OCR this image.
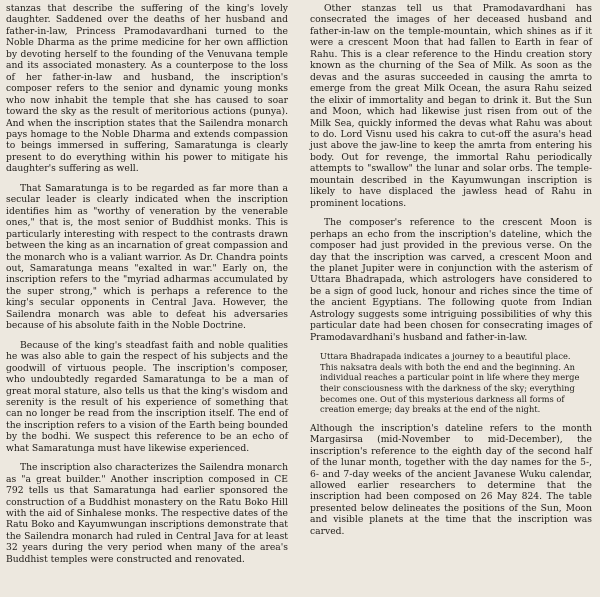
stanzas that describe the suffering of the king's lovely daughter. Saddened over the deaths of her husband and father-in-law, Princess Pramodavardhani turned to the Noble Dharma as the prime medicine for her own affliction by devoting herself to the founding of the Venuvana temple and its associated monastery. As a counterpose to the loss of her father-in-law and husband, the inscription's composer refers to the senior and dynamic young monks who now inhabit the temple that she has caused to soar toward the sky as the result of meritorious actions (punya). And when the inscription states that the Sailendra monarch pays homage to the Noble Dharma and extends compassion to beings immersed in suffering, Samaratunga is clearly present to do everything within his power to mitigate his daughter's suffering as well.

That Samaratunga is to be regarded as far more than a secular leader is clearly indicated when the inscription identifies him as "worthy of veneration by the venerable ones," that is, the most senior of Buddhist monks. This is particularly interesting with respect to the contrasts drawn between the king as an incarnation of great compassion and the monarch who is a valiant warrior. As Dr. Chandra points out, Samaratunga means "exalted in war." Early on, the inscription refers to the "myriad adharmas accumulated by the super strong," which is perhaps a reference to the king's secular opponents in Central Java. However, the Sailendra monarch was able to defeat his adversaries because of his absolute faith in the Noble Doctrine.

Because of the king's steadfast faith and noble qualities he was also able to gain the respect of his subjects and the goodwill of virtuous people. The inscription's composer, who undoubtedly regarded Samaratunga to be a man of great moral stature, also tells us that the king's wisdom and serenity is the result of his experience of something that can no longer be read from the inscription itself. The end of the inscription refers to a vision of the Earth being bounded by the bodhi. We suspect this reference to be an echo of what Samaratunga must have likewise experienced.

The inscription also characterizes the Sailendra monarch as "a great builder." Another inscription composed in CE 792 tells us that Samaratunga had earlier sponsored the construction of a Buddhist monastery on the Ratu Boko Hill with the aid of Sinhalese monks. The respective dates of the Ratu Boko and Kayumwungan inscriptions demonstrate that the Sailendra monarch had ruled in Central Java for at least 32 years during the very period when many of the area's Buddhist temples were constructed and renovated.

Other stanzas tell us that Pramodavardhani has consecrated the images of her deceased husband and father-in-law on the temple-mountain, which shines as if it were a crescent Moon that had fallen to Earth in fear of Rahu. This is a clear reference to the Hindu creation story known as the churning of the Sea of Milk. As soon as the devas and the asuras succeeded in causing the amrta to emerge from the great Milk Ocean, the asura Rahu seized the elixir of immortality and began to drink it. But the Sun and Moon, which had likewise just risen from out of the Milk Sea, quickly informed the devas what Rahu was about to do. Lord Visnu used his cakra to cut-off the asura's head just above the jaw-line to keep the amrta from entering his body. Out for revenge, the immortal Rahu periodically attempts to "swallow" the lunar and solar orbs. The temple-mountain described in the Kayumwungan inscription is likely to have displaced the jawless head of Rahu in prominent locations.

The composer's reference to the crescent Moon is perhaps an echo from the inscription's dateline, which the composer had just provided in the previous verse. On the day that the inscription was carved, a crescent Moon and the planet Jupiter were in conjunction with the asterism of Uttara Bhadrapada, which astrologers have considered to be a sign of good luck, honour and riches since the time of the ancient Egyptians. The following quote from Indian Astrology suggests some intriguing possibilities of why this particular date had been chosen for consecrating images of Pramodavardhani's husband and father-in-law.

Uttara Bhadrapada indicates a journey to a beautiful place. This naksatra deals with both the end and the beginning. An individual reaches a particular point in life where they merge their consciousness with the darkness of the sky; everything becomes one. Out of this mysterious darkness all forms of creation emerge; day breaks at the end of the night.

Although the inscription's dateline refers to the month Margasirsa (mid-November to mid-December), the inscription's reference to the eighth day of the second half of the lunar month, together with the day names for the 5-, 6- and 7-day weeks of the ancient Javanese Wuku calendar, allowed earlier researchers to determine that the inscription had been composed on 26 May 824. The table presented below delineates the positions of the Sun, Moon and visible planets at the time that the inscription was carved.
